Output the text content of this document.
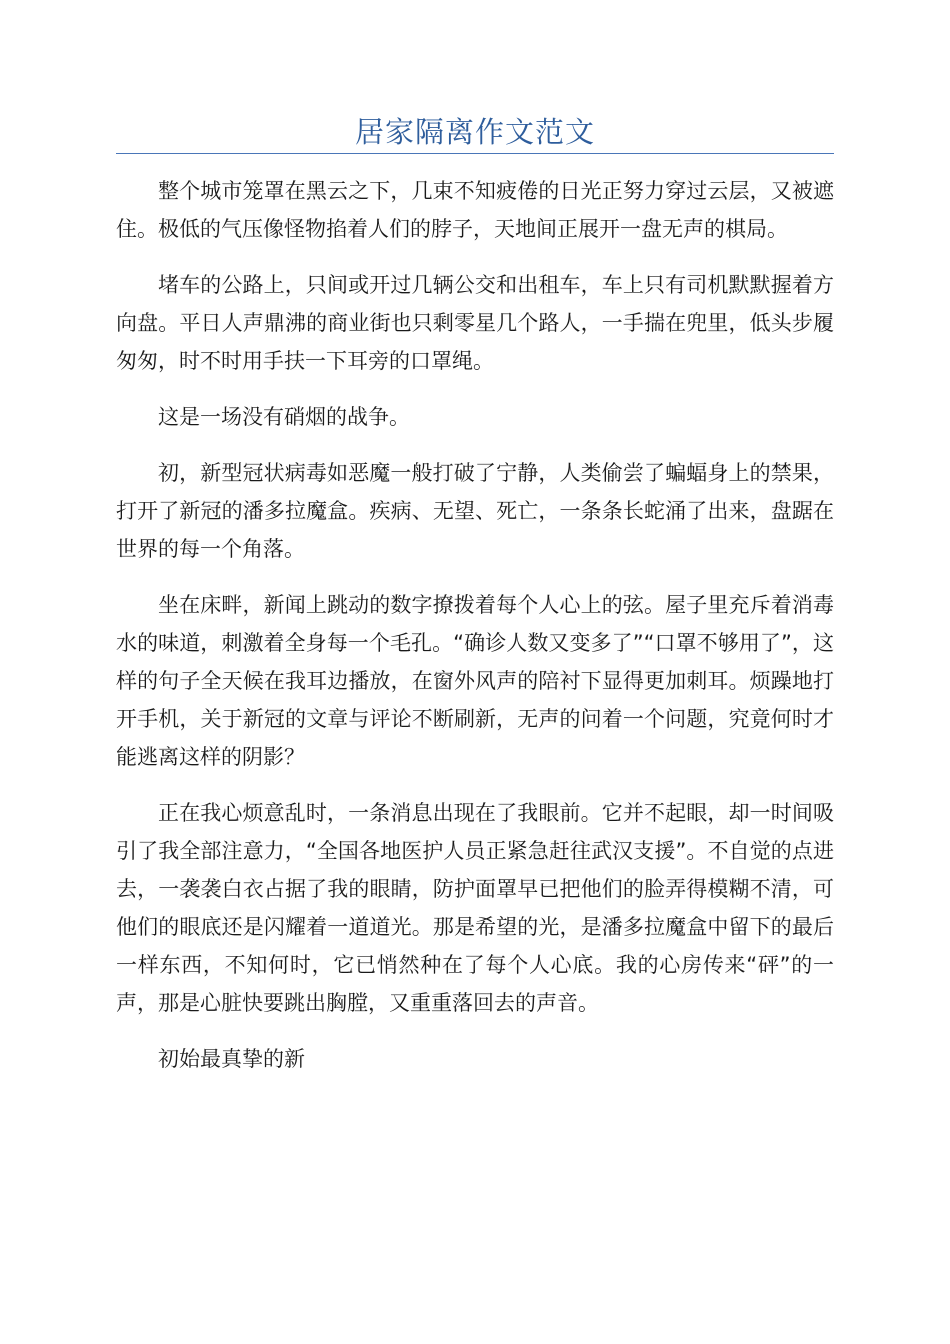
居家隔离作文范文

整个城市笼罩在黑云之下，几束不知疲倦的日光正努力穿过云层，又被遮住。极低的气压像怪物掐着人们的脖子，天地间正展开一盘无声的棋局。

堵车的公路上，只间或开过几辆公交和出租车，车上只有司机默默握着方向盘。平日人声鼎沸的商业街也只剩零星几个路人，一手揣在兜里，低头步履匆匆，时不时用手扶一下耳旁的口罩绳。

这是一场没有硝烟的战争。

初，新型冠状病毒如恶魔一般打破了宁静，人类偷尝了蝙蝠身上的禁果，打开了新冠的潘多拉魔盒。疾病、无望、死亡，一条条长蛇涌了出来，盘踞在世界的每一个角落。

坐在床畔，新闻上跳动的数字撩拨着每个人心上的弦。屋子里充斥着消毒水的味道，刺激着全身每一个毛孔。“确诊人数又变多了”“口罩不够用了”，这样的句子全天候在我耳边播放，在窗外风声的陪衬下显得更加刺耳。烦躁地打开手机，关于新冠的文章与评论不断刷新，无声的问着一个问题，究竟何时才能逃离这样的阴影？

正在我心烦意乱时，一条消息出现在了我眼前。它并不起眼，却一时间吸引了我全部注意力，“全国各地医护人员正紧急赶往武汉支援”。不自觉的点进去，一袭袭白衣占据了我的眼睛，防护面罩早已把他们的脸弄得模糊不清，可他们的眼底还是闪耀着一道道光。那是希望的光，是潘多拉魔盒中留下的最后一样东西，不知何时，它已悄然种在了每个人心底。我的心房传来“砰”的一声，那是心脏快要跳出胸膛，又重重落回去的声音。

初始最真挚的新
